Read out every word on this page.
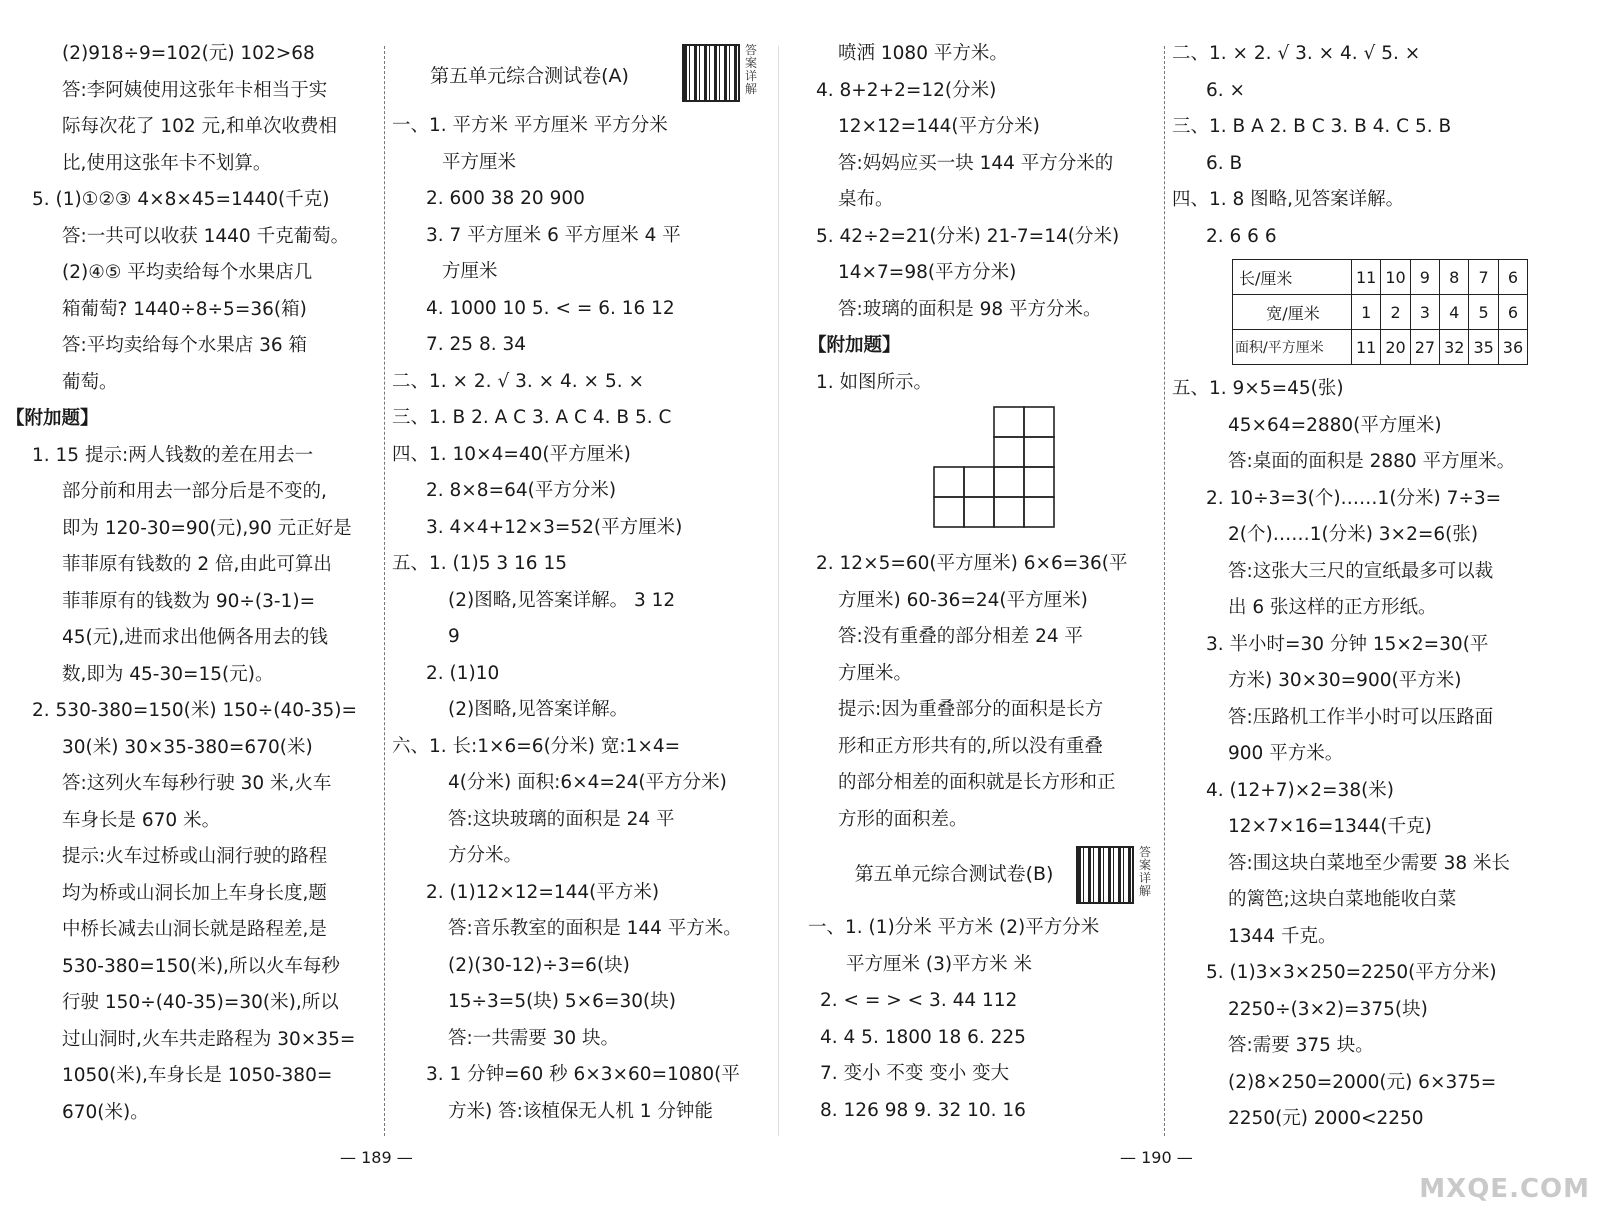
(2)918÷9=102(元) 102>68
答:李阿姨使用这张年卡相当于实
际每次花了 102 元,和单次收费相
比,使用这张年卡不划算。
5. (1)①②③ 4×8×45=1440(千克)
答:一共可以收获 1440 千克葡萄。
(2)④⑤ 平均卖给每个水果店几
箱葡萄? 1440÷8÷5=36(箱)
答:平均卖给每个水果店 36 箱
葡萄。
【附加题】
1. 15 提示:两人钱数的差在用去一
部分前和用去一部分后是不变的,
即为 120-30=90(元),90 元正好是
菲菲原有钱数的 2 倍,由此可算出
菲菲原有的钱数为 90÷(3-1)=
45(元),进而求出他俩各用去的钱
数,即为 45-30=15(元)。
2. 530-380=150(米) 150÷(40-35)=
30(米) 30×35-380=670(米)
答:这列火车每秒行驶 30 米,火车
车身长是 670 米。
提示:火车过桥或山洞行驶的路程
均为桥或山洞长加上车身长度,题
中桥长减去山洞长就是路程差,是
530-380=150(米),所以火车每秒
行驶 150÷(40-35)=30(米),所以
过山洞时,火车共走路程为 30×35=
1050(米),车身长是 1050-380=
670(米)。
第五单元综合测试卷(A)
答案详解
一、1. 平方米 平方厘米 平方分米
平方厘米
2. 600 38 20 900
3. 7 平方厘米 6 平方厘米 4 平
方厘米
4. 1000 10 5. < = 6. 16 12
7. 25 8. 34
二、1. × 2. √ 3. × 4. × 5. ×
三、1. B 2. A C 3. A C 4. B 5. C
四、1. 10×4=40(平方厘米)
2. 8×8=64(平方分米)
3. 4×4+12×3=52(平方厘米)
五、1. (1)5 3 16 15
(2)图略,见答案详解。 3 12
9
2. (1)10
(2)图略,见答案详解。
六、1. 长:1×6=6(分米) 宽:1×4=
4(分米) 面积:6×4=24(平方分米)
答:这块玻璃的面积是 24 平
方分米。
2. (1)12×12=144(平方米)
答:音乐教室的面积是 144 平方米。
(2)(30-12)÷3=6(块)
15÷3=5(块) 5×6=30(块)
答:一共需要 30 块。
3. 1 分钟=60 秒 6×3×60=1080(平
方米) 答:该植保无人机 1 分钟能
— 189 —
喷洒 1080 平方米。
4. 8+2+2=12(分米)
12×12=144(平方分米)
答:妈妈应买一块 144 平方分米的
桌布。
5. 42÷2=21(分米) 21-7=14(分米)
14×7=98(平方分米)
答:玻璃的面积是 98 平方分米。
【附加题】
1. 如图所示。
2. 12×5=60(平方厘米) 6×6=36(平
方厘米) 60-36=24(平方厘米)
答:没有重叠的部分相差 24 平
方厘米。
提示:因为重叠部分的面积是长方
形和正方形共有的,所以没有重叠
的部分相差的面积就是长方形和正
方形的面积差。
第五单元综合测试卷(B)
答案详解
一、1. (1)分米 平方米 (2)平方分米
平方厘米 (3)平方米 米
2. < = > < 3. 44 112
4. 4 5. 1800 18 6. 225
7. 变小 不变 变小 变大
8. 126 98 9. 32 10. 16
二、1. × 2. √ 3. × 4. √ 5. ×
6. ×
三、1. B A 2. B C 3. B 4. C 5. B
6. B
四、1. 8 图略,见答案详解。
2. 6 6 6
长/厘米	11	10	9	8	7	6
宽/厘米	1	2	3	4	5	6
面积/平方厘米	11	20	27	32	35	36
五、1. 9×5=45(张)
45×64=2880(平方厘米)
答:桌面的面积是 2880 平方厘米。
2. 10÷3=3(个)……1(分米) 7÷3=
2(个)……1(分米) 3×2=6(张)
答:这张大三尺的宣纸最多可以裁
出 6 张这样的正方形纸。
3. 半小时=30 分钟 15×2=30(平
方米) 30×30=900(平方米)
答:压路机工作半小时可以压路面
900 平方米。
4. (12+7)×2=38(米)
12×7×16=1344(千克)
答:围这块白菜地至少需要 38 米长
的篱笆;这块白菜地能收白菜
1344 千克。
5. (1)3×3×250=2250(平方分米)
2250÷(3×2)=375(块)
答:需要 375 块。
(2)8×250=2000(元) 6×375=
2250(元) 2000<2250
— 190 —
MXQE.COM
